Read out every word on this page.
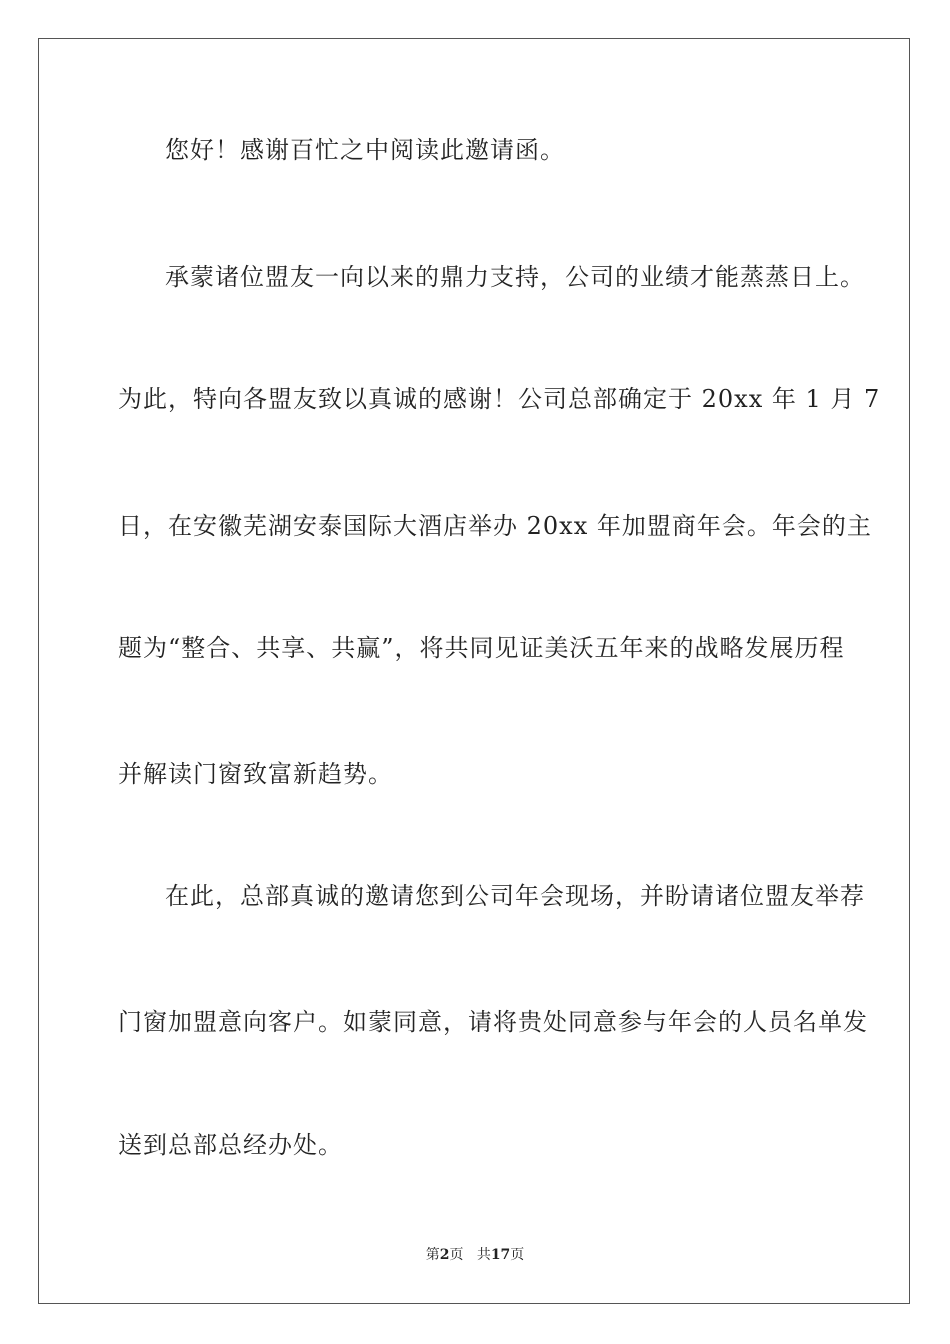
您好！感谢百忙之中阅读此邀请函。
承蒙诸位盟友一向以来的鼎力支持，公司的业绩才能蒸蒸日上。
为此，特向各盟友致以真诚的感谢！公司总部确定于 20xx 年 1 月 7
日，在安徽芜湖安泰国际大酒店举办 20xx 年加盟商年会。年会的主
题为“整合、共享、共赢”，将共同见证美沃五年来的战略发展历程
并解读门窗致富新趋势。
在此，总部真诚的邀请您到公司年会现场，并盼请诸位盟友举荐
门窗加盟意向客户。如蒙同意，请将贵处同意参与年会的人员名单发
送到总部总经办处。
第2页 共17页
